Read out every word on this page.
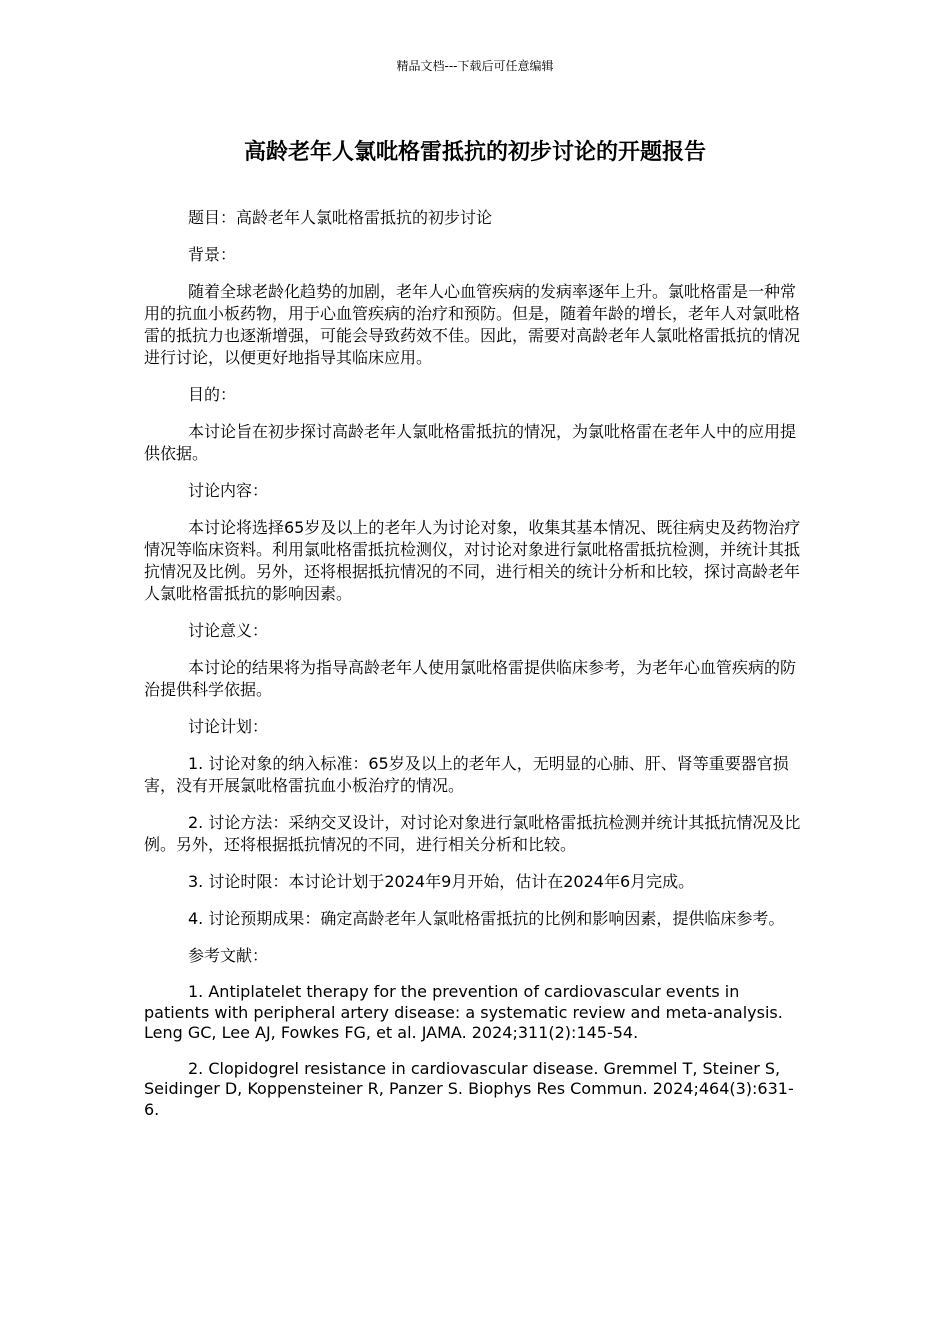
精品文档---下载后可任意编辑
高龄老年人氯吡格雷抵抗的初步讨论的开题报告

题目：高龄老年人氯吡格雷抵抗的初步讨论

背景：

随着全球老龄化趋势的加剧，老年人心血管疾病的发病率逐年上升。氯吡格雷是一种常用的抗血小板药物，用于心血管疾病的治疗和预防。但是，随着年龄的增长，老年人对氯吡格雷的抵抗力也逐渐增强，可能会导致药效不佳。因此，需要对高龄老年人氯吡格雷抵抗的情况进行讨论，以便更好地指导其临床应用。

目的：

本讨论旨在初步探讨高龄老年人氯吡格雷抵抗的情况，为氯吡格雷在老年人中的应用提供依据。

讨论内容：

本讨论将选择65岁及以上的老年人为讨论对象，收集其基本情况、既往病史及药物治疗情况等临床资料。利用氯吡格雷抵抗检测仪，对讨论对象进行氯吡格雷抵抗检测，并统计其抵抗情况及比例。另外，还将根据抵抗情况的不同，进行相关的统计分析和比较，探讨高龄老年人氯吡格雷抵抗的影响因素。

讨论意义：

本讨论的结果将为指导高龄老年人使用氯吡格雷提供临床参考，为老年心血管疾病的防治提供科学依据。

讨论计划：

1. 讨论对象的纳入标准：65岁及以上的老年人，无明显的心肺、肝、肾等重要器官损害，没有开展氯吡格雷抗血小板治疗的情况。

2. 讨论方法：采纳交叉设计，对讨论对象进行氯吡格雷抵抗检测并统计其抵抗情况及比例。另外，还将根据抵抗情况的不同，进行相关分析和比较。

3. 讨论时限：本讨论计划于2024年9月开始，估计在2024年6月完成。

4. 讨论预期成果：确定高龄老年人氯吡格雷抵抗的比例和影响因素，提供临床参考。

参考文献：

1. Antiplatelet therapy for the prevention of cardiovascular events in patients with peripheral artery disease: a systematic review and meta-analysis. Leng GC, Lee AJ, Fowkes FG, et al. JAMA. 2024;311(2):145-54.

2. Clopidogrel resistance in cardiovascular disease. Gremmel T, Steiner S, Seidinger D, Koppensteiner R, Panzer S. Biophys Res Commun. 2024;464(3):631-6.
